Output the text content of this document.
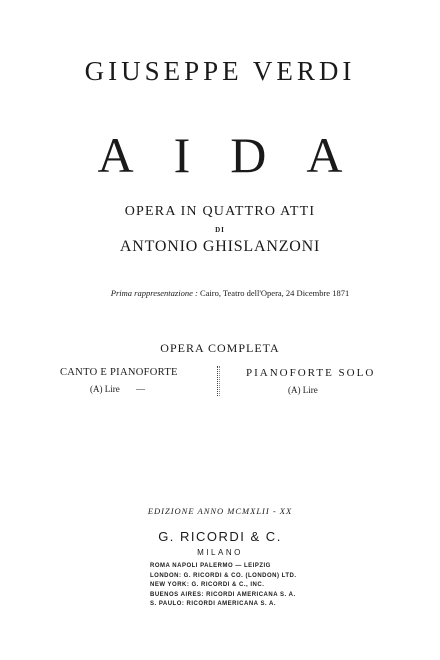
GIUSEPPE VERDI
A I D A
OPERA IN QUATTRO ATTI
DI
ANTONIO GHISLANZONI
Prima rappresentazione : Cairo, Teatro dell'Opera, 24 Dicembre 1871
OPERA COMPLETA
CANTO E PIANOFORTE
(A) Lire —
PIANOFORTE SOLO
(A) Lire
EDIZIONE ANNO MCMXLII - XX
G. RICORDI & C.
MILANO
ROMA NAPOLI PALERMO — LEIPZIG
LONDON: G. RICORDI & CO. (LONDON) LTD.
NEW YORK: G. RICORDI & C., INC.
BUENOS AIRES: RICORDI AMERICANA S. A.
S. PAULO: RICORDI AMERICANA S. A.
